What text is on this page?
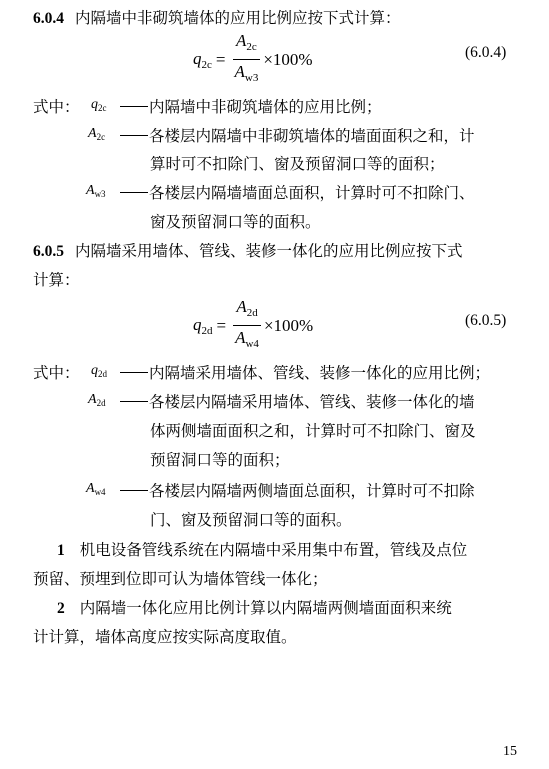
6.0.4 内隔墙中非砌筑墙体的应用比例应按下式计算：
$q_{2c} = \frac{A_{2c}}{A_{w3}} \times 100\%$	(6.0.4)
式中： $q_{2c}$	内隔墙中非砌筑墙体的应用比例；
$A_{2c}$	各楼层内隔墙中非砌筑墙体的墙面面积之和，计
算时可不扣除门、窗及预留洞口等的面积；
$A_{w3}$	各楼层内隔墙墙面总面积，计算时可不扣除门、
窗及预留洞口等的面积。
6.0.5 内隔墙采用墙体、管线、装修一体化的应用比例应按下式
计算：
$q_{2d} = \frac{A_{2d}}{A_{w4}} \times 100\%$	(6.0.5)
式中： $q_{2d}$	内隔墙采用墙体、管线、装修一体化的应用比例；
$A_{2d}$	各楼层内隔墙采用墙体、管线、装修一体化的墙
体两侧墙面面积之和，计算时可不扣除门、窗及
预留洞口等的面积；
$A_{w4}$	各楼层内隔墙两侧墙面总面积，计算时可不扣除
门、窗及预留洞口等的面积。
1 机电设备管线系统在内隔墙中采用集中布置，管线及点位
预留、预埋到位即可认为墙体管线一体化；
2 内隔墙一体化应用比例计算以内隔墙两侧墙面面积来统
计计算，墙体高度应按实际高度取值。
15
